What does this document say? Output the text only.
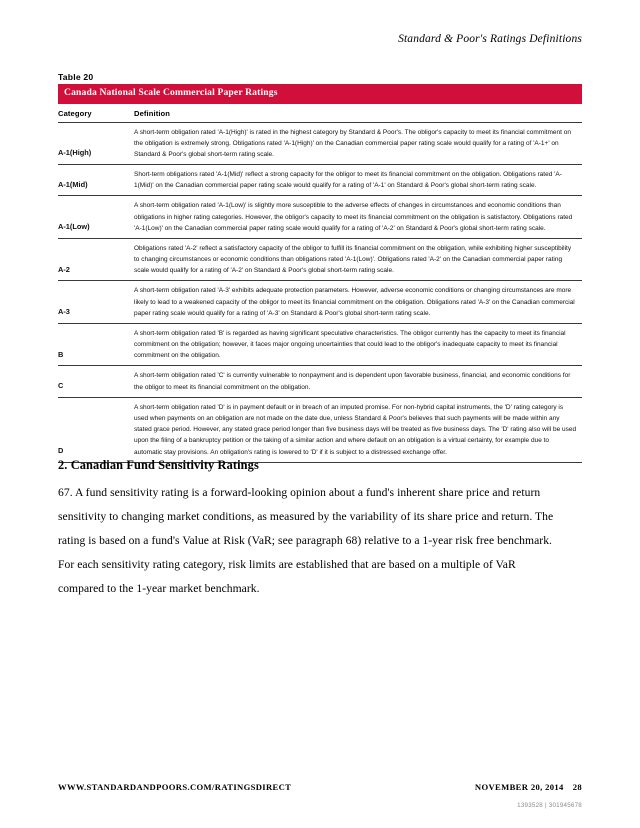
Standard & Poor's Ratings Definitions
Table 20
Canada National Scale Commercial Paper Ratings
Category	Definition
A-1(High)	A short-term obligation rated 'A-1(High)' is rated in the highest category by Standard & Poor's. The obligor's capacity to meet its financial commitment on the obligation is extremely strong. Obligations rated 'A-1(High)' on the Canadian commercial paper rating scale would qualify for a rating of 'A-1+' on Standard & Poor's global short-term rating scale.
A-1(Mid)	Short-term obligations rated 'A-1(Mid)' reflect a strong capacity for the obligor to meet its financial commitment on the obligation. Obligations rated 'A-1(Mid)' on the Canadian commercial paper rating scale would qualify for a rating of 'A-1' on Standard & Poor's global short-term rating scale.
A-1(Low)	A short-term obligation rated 'A-1(Low)' is slightly more susceptible to the adverse effects of changes in circumstances and economic conditions than obligations in higher rating categories. However, the obligor's capacity to meet its financial commitment on the obligation is satisfactory. Obligations rated 'A-1(Low)' on the Canadian commercial paper rating scale would qualify for a rating of 'A-2' on Standard & Poor's global short-term rating scale.
A-2	Obligations rated 'A-2' reflect a satisfactory capacity of the obligor to fulfill its financial commitment on the obligation, while exhibiting higher susceptibility to changing circumstances or economic conditions than obligations rated 'A-1(Low)'. Obligations rated 'A-2' on the Canadian commercial paper rating scale would qualify for a rating of 'A-2' on Standard & Poor's global short-term rating scale.
A-3	A short-term obligation rated 'A-3' exhibits adequate protection parameters. However, adverse economic conditions or changing circumstances are more likely to lead to a weakened capacity of the obligor to meet its financial commitment on the obligation. Obligations rated 'A-3' on the Canadian commercial paper rating scale would qualify for a rating of 'A-3' on Standard & Poor's global short-term rating scale.
B	A short-term obligation rated 'B' is regarded as having significant speculative characteristics. The obligor currently has the capacity to meet its financial commitment on the obligation; however, it faces major ongoing uncertainties that could lead to the obligor's inadequate capacity to meet its financial commitment on the obligation.
C	A short-term obligation rated 'C' is currently vulnerable to nonpayment and is dependent upon favorable business, financial, and economic conditions for the obligor to meet its financial commitment on the obligation.
D	A short-term obligation rated 'D' is in payment default or in breach of an imputed promise. For non-hybrid capital instruments, the 'D' rating category is used when payments on an obligation are not made on the date due, unless Standard & Poor's believes that such payments will be made within any stated grace period. However, any stated grace period longer than five business days will be treated as five business days. The 'D' rating also will be used upon the filing of a bankruptcy petition or the taking of a similar action and where default on an obligation is a virtual certainty, for example due to automatic stay provisions. An obligation's rating is lowered to 'D' if it is subject to a distressed exchange offer.
2. Canadian Fund Sensitivity Ratings

67. A fund sensitivity rating is a forward-looking opinion about a fund's inherent share price and return sensitivity to changing market conditions, as measured by the variability of its share price and return. The rating is based on a fund's Value at Risk (VaR; see paragraph 68) relative to a 1-year risk free benchmark. For each sensitivity rating category, risk limits are established that are based on a multiple of VaR compared to the 1-year market benchmark.

WWW.STANDARDANDPOORS.COM/RATINGSDIRECT	NOVEMBER 20, 2014 28
1393528 | 301945678
